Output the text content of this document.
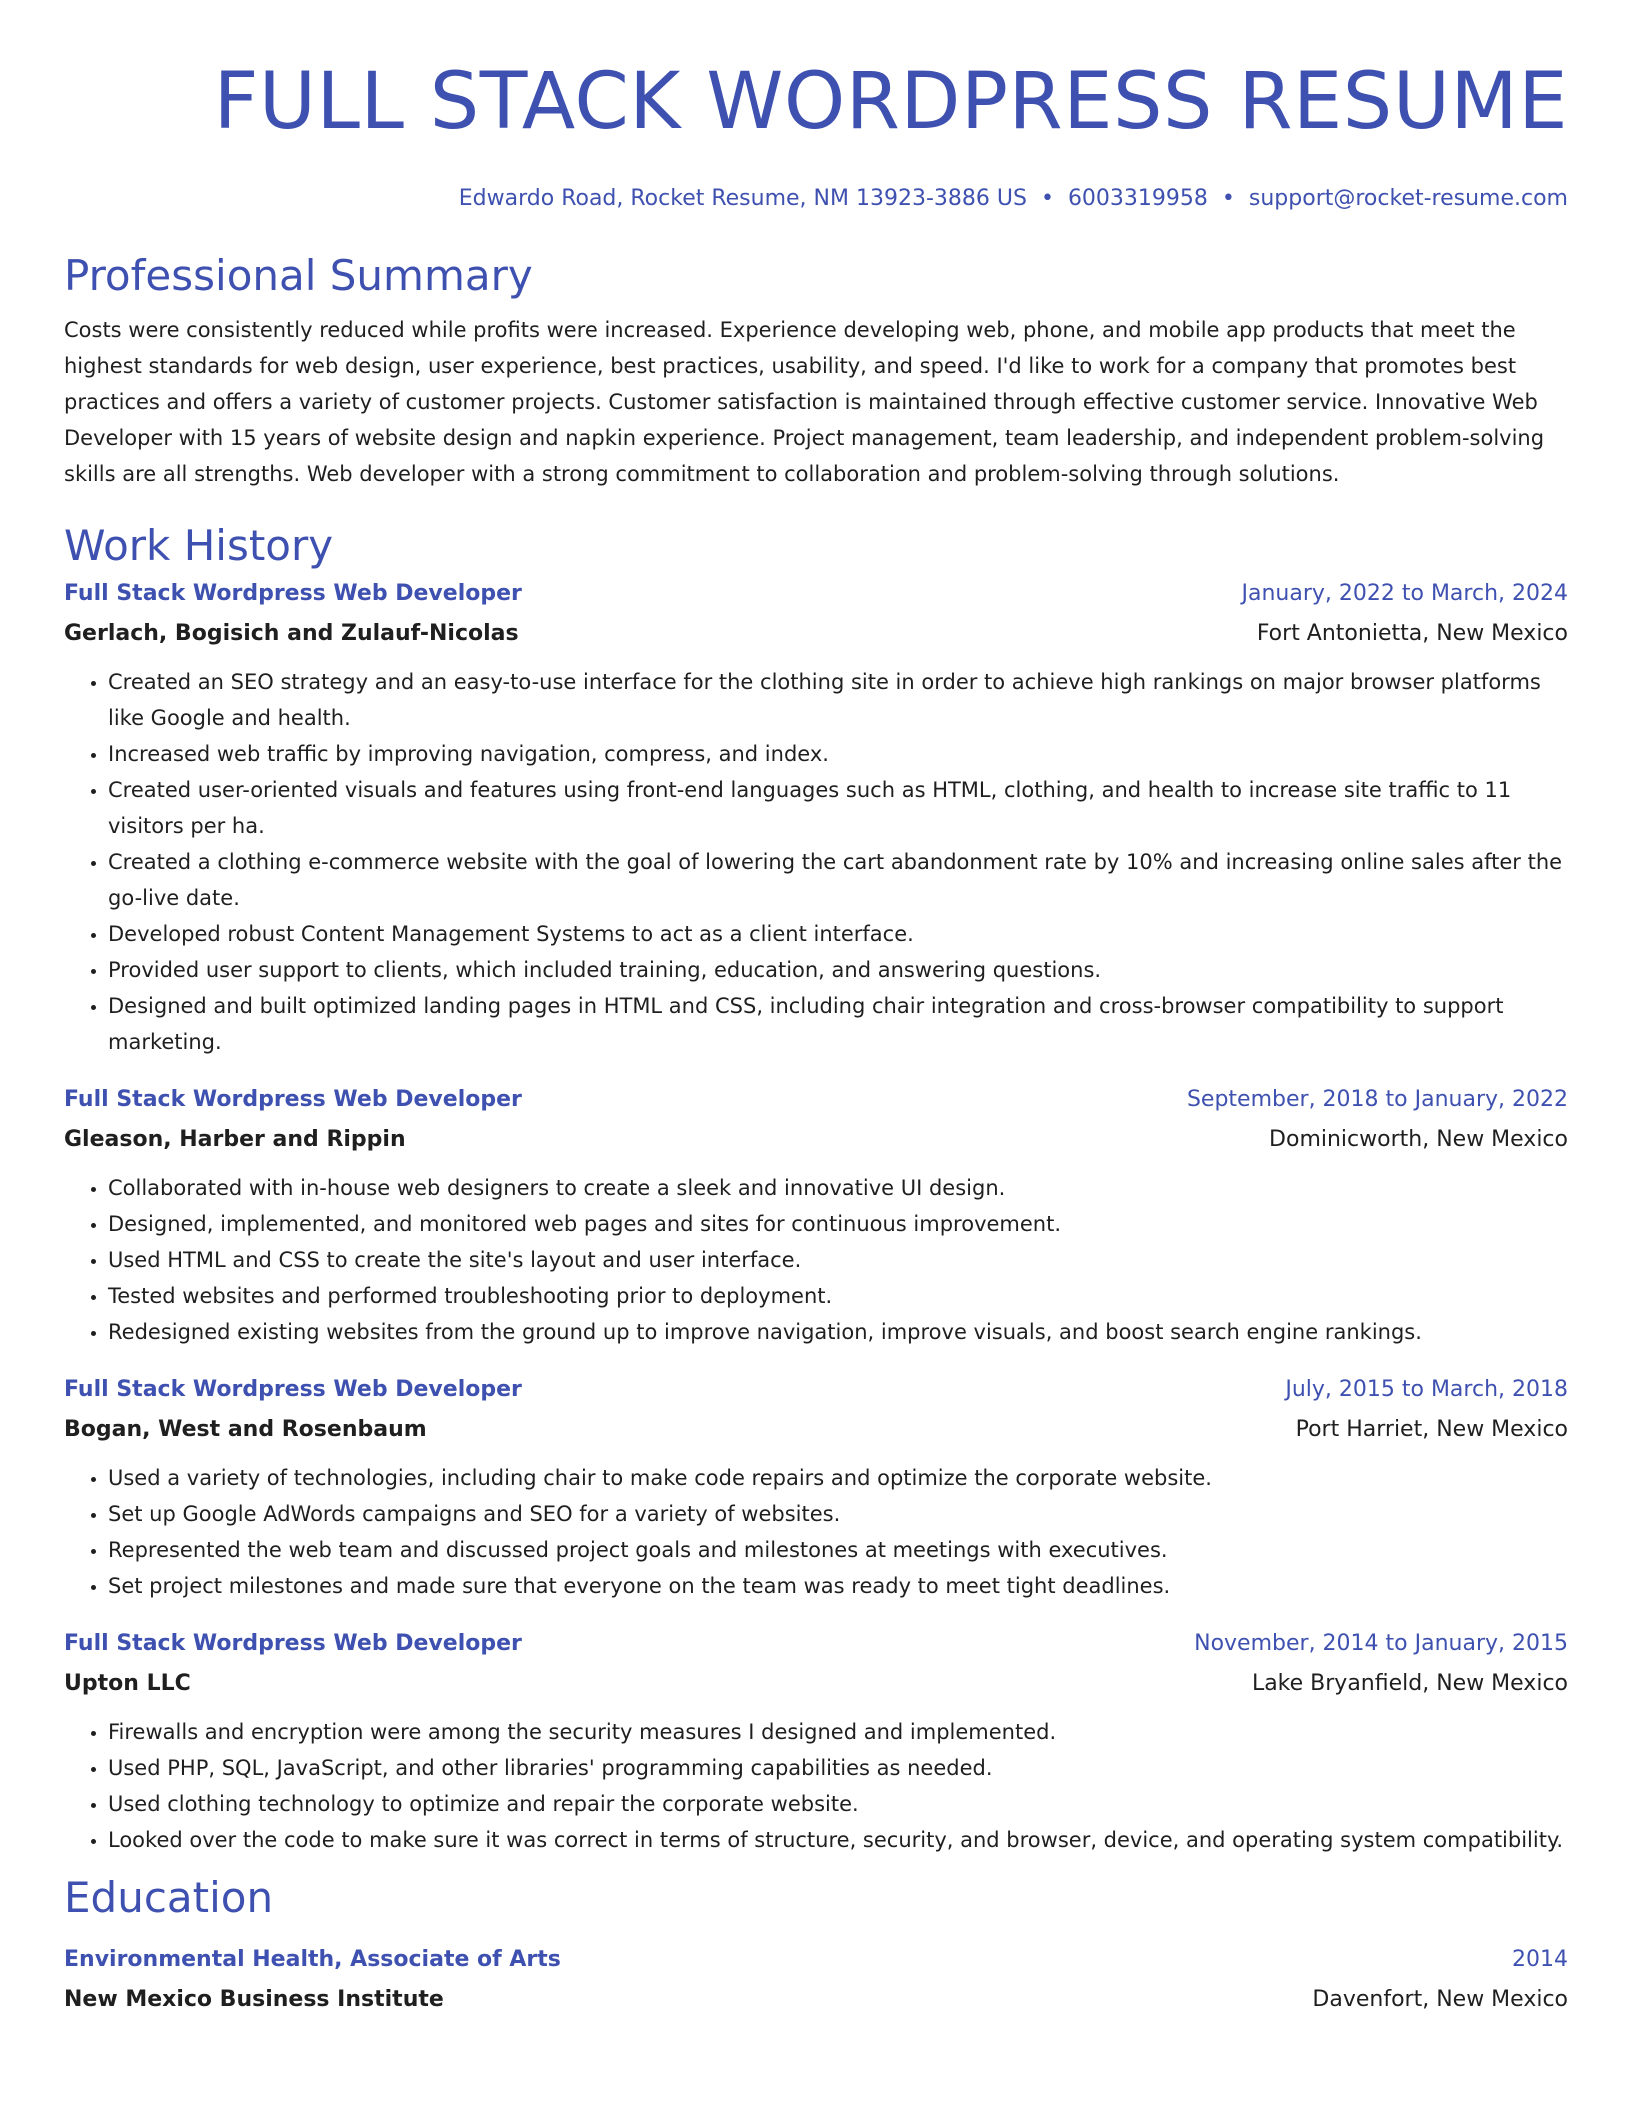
FULL STACK WORDPRESS RESUME
Edwardo Road, Rocket Resume, NM 13923-3886 US • 6003319958 • support@rocket-resume.com
Professional Summary
Costs were consistently reduced while profits were increased. Experience developing web, phone, and mobile app products that meet the highest standards for web design, user experience, best practices, usability, and speed. I'd like to work for a company that promotes best practices and offers a variety of customer projects. Customer satisfaction is maintained through effective customer service. Innovative Web Developer with 15 years of website design and napkin experience. Project management, team leadership, and independent problem-solving skills are all strengths. Web developer with a strong commitment to collaboration and problem-solving through solutions.
Work History
Full Stack Wordpress Web Developer	January, 2022 to March, 2024
Gerlach, Bogisich and Zulauf-Nicolas	Fort Antonietta, New Mexico
• Created an SEO strategy and an easy-to-use interface for the clothing site in order to achieve high rankings on major browser platforms like Google and health.
• Increased web traffic by improving navigation, compress, and index.
• Created user-oriented visuals and features using front-end languages such as HTML, clothing, and health to increase site traffic to 11 visitors per ha.
• Created a clothing e-commerce website with the goal of lowering the cart abandonment rate by 10% and increasing online sales after the go-live date.
• Developed robust Content Management Systems to act as a client interface.
• Provided user support to clients, which included training, education, and answering questions.
• Designed and built optimized landing pages in HTML and CSS, including chair integration and cross-browser compatibility to support marketing.
Full Stack Wordpress Web Developer	September, 2018 to January, 2022
Gleason, Harber and Rippin	Dominicworth, New Mexico
• Collaborated with in-house web designers to create a sleek and innovative UI design.
• Designed, implemented, and monitored web pages and sites for continuous improvement.
• Used HTML and CSS to create the site's layout and user interface.
• Tested websites and performed troubleshooting prior to deployment.
• Redesigned existing websites from the ground up to improve navigation, improve visuals, and boost search engine rankings.
Full Stack Wordpress Web Developer	July, 2015 to March, 2018
Bogan, West and Rosenbaum	Port Harriet, New Mexico
• Used a variety of technologies, including chair to make code repairs and optimize the corporate website.
• Set up Google AdWords campaigns and SEO for a variety of websites.
• Represented the web team and discussed project goals and milestones at meetings with executives.
• Set project milestones and made sure that everyone on the team was ready to meet tight deadlines.
Full Stack Wordpress Web Developer	November, 2014 to January, 2015
Upton LLC	Lake Bryanfield, New Mexico
• Firewalls and encryption were among the security measures I designed and implemented.
• Used PHP, SQL, JavaScript, and other libraries' programming capabilities as needed.
• Used clothing technology to optimize and repair the corporate website.
• Looked over the code to make sure it was correct in terms of structure, security, and browser, device, and operating system compatibility.
Education
Environmental Health, Associate of Arts	2014
New Mexico Business Institute	Davenfort, New Mexico
